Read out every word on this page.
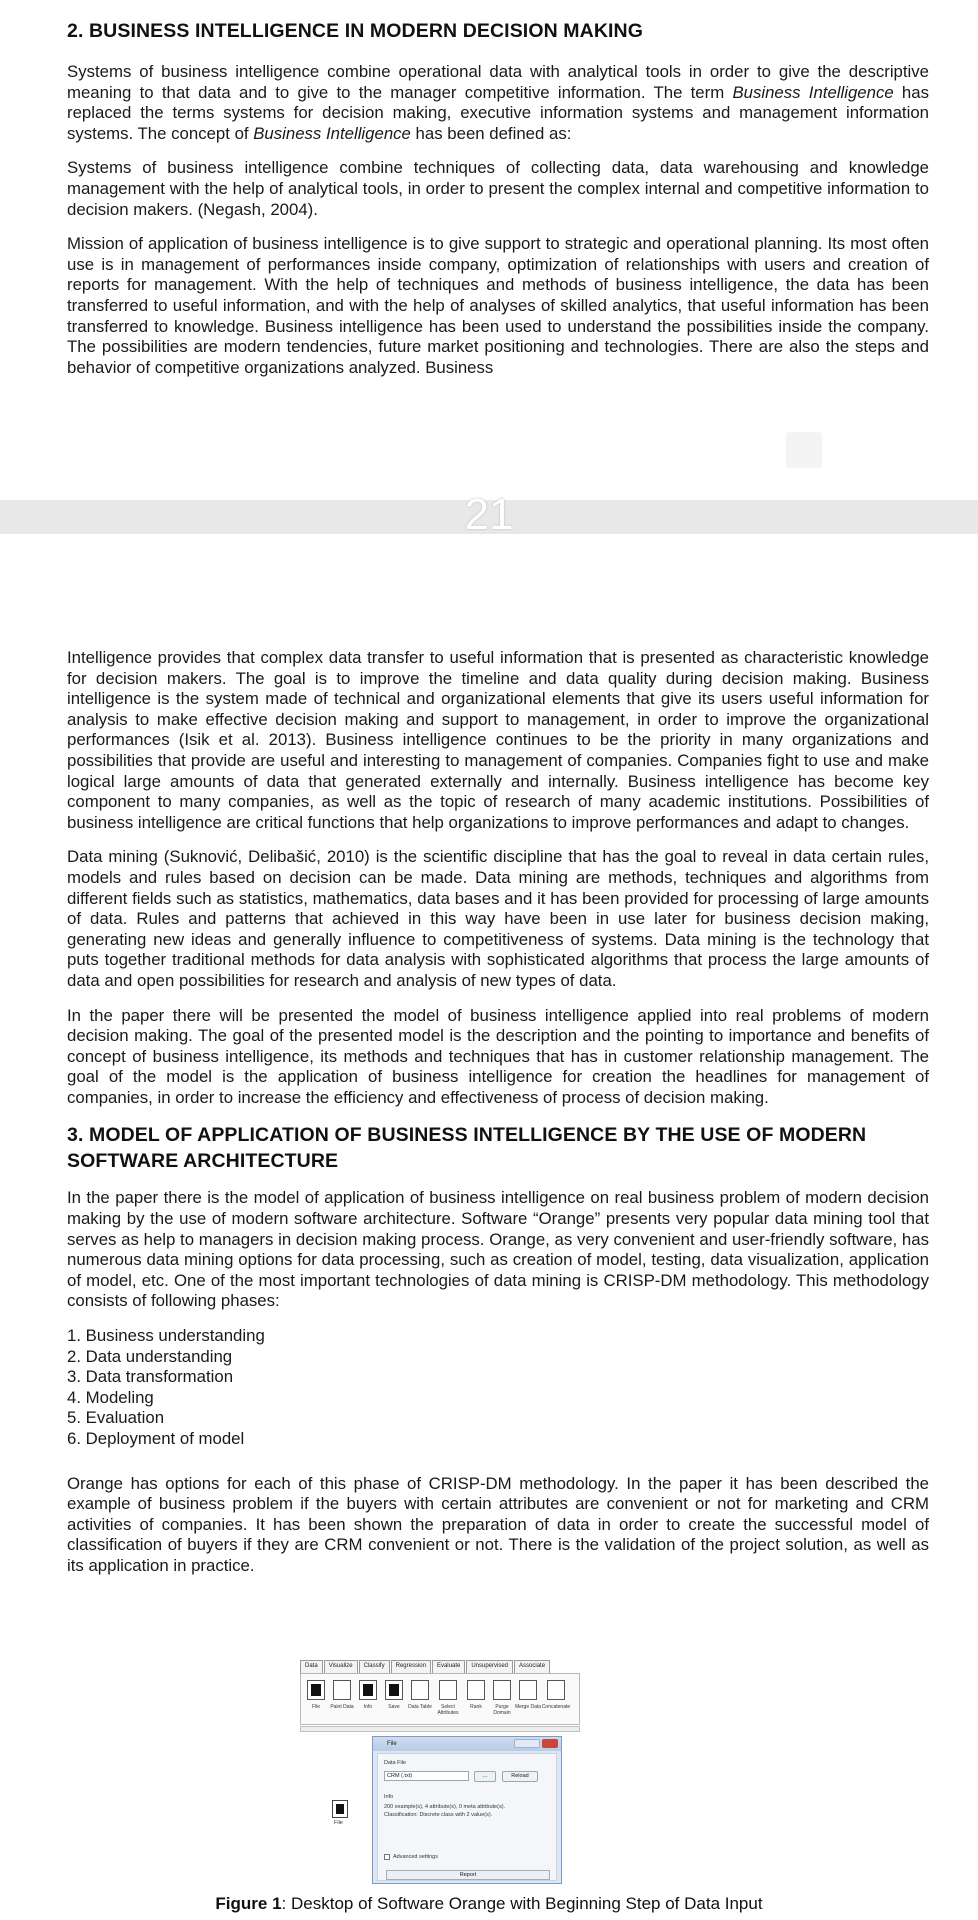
2. BUSINESS INTELLIGENCE IN MODERN DECISION MAKING

Systems of business intelligence combine operational data with analytical tools in order to give the descriptive meaning to that data and to give to the manager competitive information. The term Business Intelligence has replaced the terms systems for decision making, executive information systems and management information systems. The concept of Business Intelligence has been defined as:

Systems of business intelligence combine techniques of collecting data, data warehousing and knowledge management with the help of analytical tools, in order to present the complex internal and competitive information to decision makers. (Negash, 2004).

Mission of application of business intelligence is to give support to strategic and operational planning. Its most often use is in management of performances inside company, optimization of relationships with users and creation of reports for management. With the help of techniques and methods of business intelligence, the data has been transferred to useful information, and with the help of analyses of skilled analytics, that useful information has been transferred to knowledge. Business intelligence has been used to understand the possibilities inside the company. The possibilities are modern tendencies, future market positioning and technologies. There are also the steps and behavior of competitive organizations analyzed. Business

21

Intelligence provides that complex data transfer to useful information that is presented as characteristic knowledge for decision makers. The goal is to improve the timeline and data quality during decision making. Business intelligence is the system made of technical and organizational elements that give its users useful information for analysis to make effective decision making and support to management, in order to improve the organizational performances (Isik et al. 2013). Business intelligence continues to be the priority in many organizations and possibilities that provide are useful and interesting to management of companies. Companies fight to use and make logical large amounts of data that generated externally and internally. Business intelligence has become key component to many companies, as well as the topic of research of many academic institutions. Possibilities of business intelligence are critical functions that help organizations to improve performances and adapt to changes.

Data mining (Suknović, Delibašić, 2010) is the scientific discipline that has the goal to reveal in data certain rules, models and rules based on decision can be made. Data mining are methods, techniques and algorithms from different fields such as statistics, mathematics, data bases and it has been provided for processing of large amounts of data. Rules and patterns that achieved in this way have been in use later for business decision making, generating new ideas and generally influence to competitiveness of systems. Data mining is the technology that puts together traditional methods for data analysis with sophisticated algorithms that process the large amounts of data and open possibilities for research and analysis of new types of data.

In the paper there will be presented the model of business intelligence applied into real problems of modern decision making. The goal of the presented model is the description and the pointing to importance and benefits of concept of business intelligence, its methods and techniques that has in customer relationship management. The goal of the model is the application of business intelligence for creation the headlines for management of companies, in order to increase the efficiency and effectiveness of process of decision making.

3. MODEL OF APPLICATION OF BUSINESS INTELLIGENCE BY THE USE OF MODERN SOFTWARE ARCHITECTURE

In the paper there is the model of application of business intelligence on real business problem of modern decision making by the use of modern software architecture. Software “Orange” presents very popular data mining tool that serves as help to managers in decision making process. Orange, as very convenient and user-friendly software, has numerous data mining options for data processing, such as creation of model, testing, data visualization, application of model, etc. One of the most important technologies of data mining is CRISP-DM methodology. This methodology consists of following phases:

1. Business understanding
2. Data understanding
3. Data transformation
4. Modeling
5. Evaluation
6. Deployment of model

Orange has options for each of this phase of CRISP-DM methodology. In the paper it has been described the example of business problem if the buyers with certain attributes are convenient or not for marketing and CRM activities of companies. It has been shown the preparation of data in order to create the successful model of classification of buyers if they are CRM convenient or not. There is the validation of the project solution, as well as its application in practice.

Data	Visualize	Classify	Regression	Evaluate	Unsupervised	Associate
File	Paint Data	Info	Save	Data Table	Select Attributes
Rank	Purge Domain
Merge Data Concatenate
File
File
Data File
CRM (.txt)	...	Reload
Info
200 example(s), 4 attribute(s), 0 meta attribute(s).
Classification: Discrete class with 2 value(s).
Advanced settings
Report
Figure 1: Desktop of Software Orange with Beginning Step of Data Input
